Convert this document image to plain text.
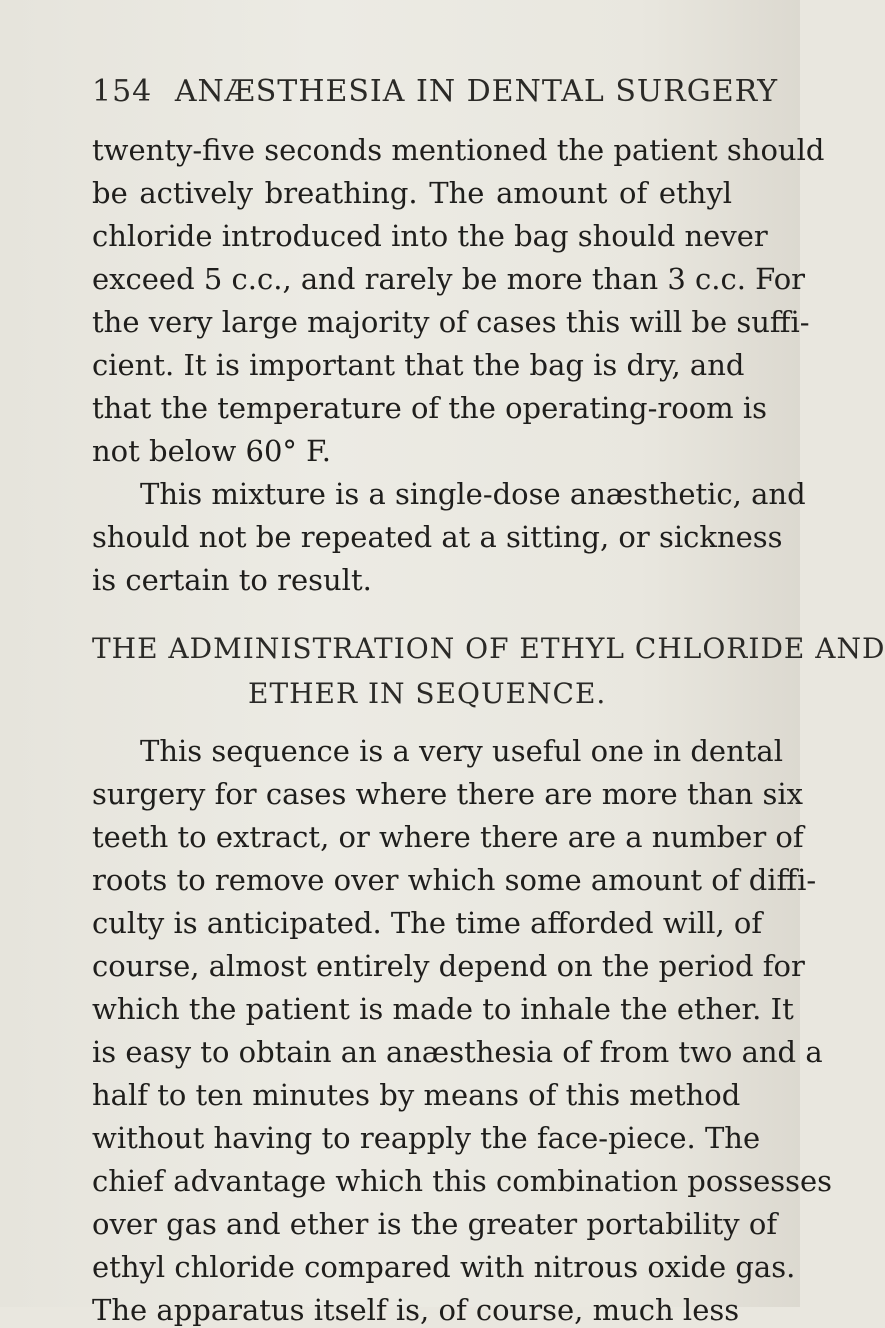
154 ANÆSTHESIA IN DENTAL SURGERY
twenty-five seconds mentioned the patient should
be actively breathing. The amount of ethyl
chloride introduced into the bag should never
exceed 5 c.c., and rarely be more than 3 c.c. For
the very large majority of cases this will be suffi-
cient. It is important that the bag is dry, and
that the temperature of the operating-room is
not below 60° F.
This mixture is a single-dose anæsthetic, and
should not be repeated at a sitting, or sickness
is certain to result.
THE ADMINISTRATION OF ETHYL CHLORIDE AND
ETHER IN SEQUENCE.
This sequence is a very useful one in dental
surgery for cases where there are more than six
teeth to extract, or where there are a number of
roots to remove over which some amount of diffi-
culty is anticipated. The time afforded will, of
course, almost entirely depend on the period for
which the patient is made to inhale the ether. It
is easy to obtain an anæsthesia of from two and a
half to ten minutes by means of this method
without having to reapply the face-piece. The
chief advantage which this combination possesses
over gas and ether is the greater portability of
ethyl chloride compared with nitrous oxide gas.
The apparatus itself is, of course, much less
